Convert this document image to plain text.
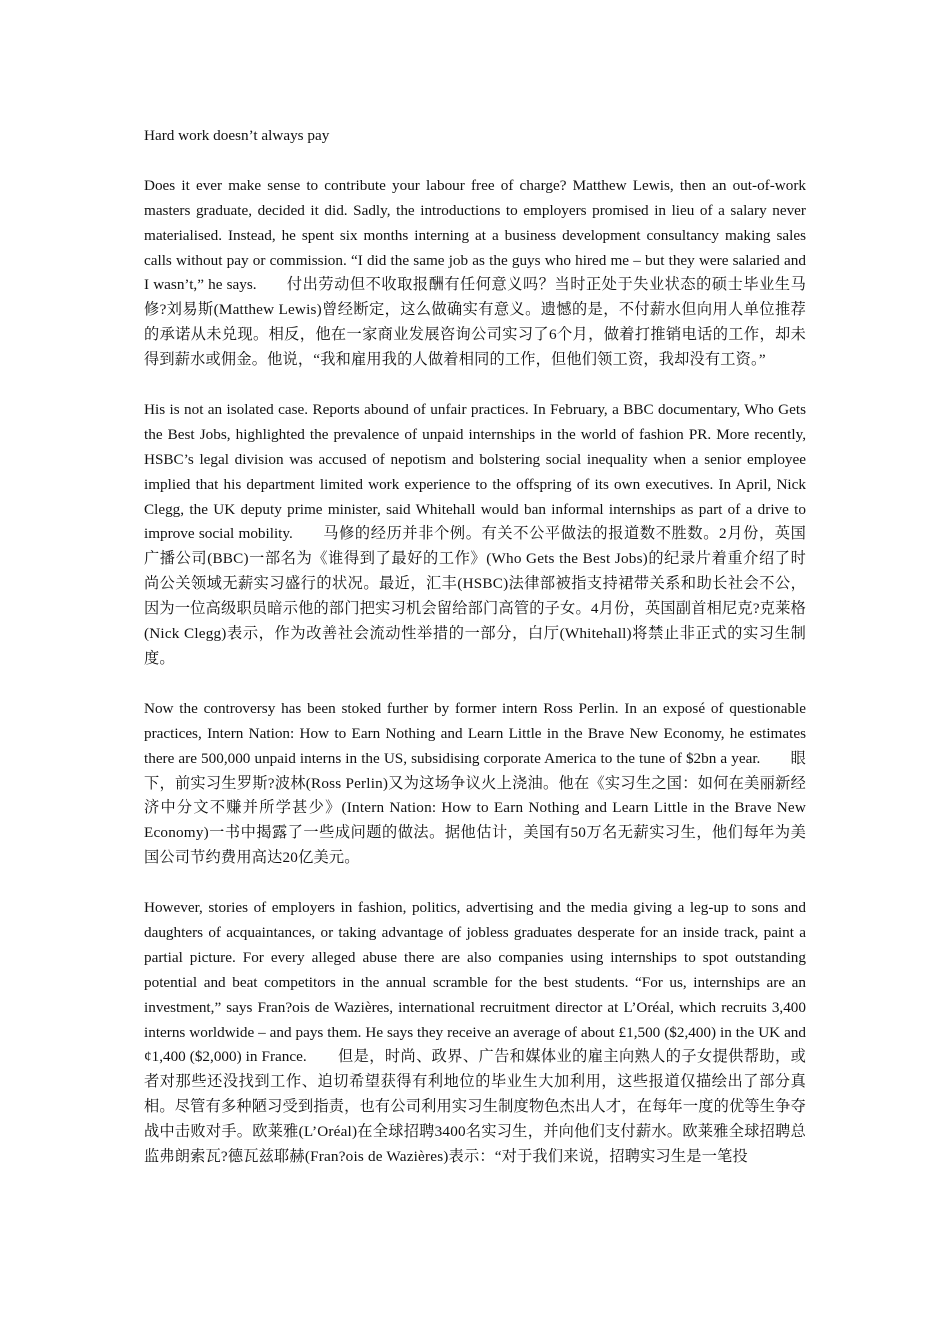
Hard work doesn’t always pay

Does it ever make sense to contribute your labour free of charge? Matthew Lewis, then an out-of-work masters graduate, decided it did. Sadly, the introductions to employers promised in lieu of a salary never materialised. Instead, he spent six months interning at a business development consultancy making sales calls without pay or commission. “I did the same job as the guys who hired me – but they were salaried and I wasn’t,” he says. 付出劳动但不收取报酬有任何意义吗？当时正处于失业状态的硕士毕业生马修?刘易斯(Matthew Lewis)曾经断定，这么做确实有意义。遗憾的是，不付薪水但向用人单位推荐的承诺从未兑现。相反，他在一家商业发展咨询公司实习了6个月，做着打推销电话的工作，却未得到薪水或佣金。他说，“我和雇用我的人做着相同的工作，但他们领工资，我却没有工资。”

His is not an isolated case. Reports abound of unfair practices. In February, a BBC documentary, Who Gets the Best Jobs, highlighted the prevalence of unpaid internships in the world of fashion PR. More recently, HSBC’s legal division was accused of nepotism and bolstering social inequality when a senior employee implied that his department limited work experience to the offspring of its own executives. In April, Nick Clegg, the UK deputy prime minister, said Whitehall would ban informal internships as part of a drive to improve social mobility. 马修的经历并非个例。有关不公平做法的报道数不胜数。2月份，英国广播公司(BBC)一部名为《谁得到了最好的工作》(Who Gets the Best Jobs)的纪录片着重介绍了时尚公关领域无薪实习盛行的状况。最近，汇丰(HSBC)法律部被指支持裙带关系和助长社会不公，因为一位高级职员暗示他的部门把实习机会留给部门高管的子女。4月份，英国副首相尼克?克莱格(Nick Clegg)表示，作为改善社会流动性举措的一部分，白厅(Whitehall)将禁止非正式的实习生制度。

Now the controversy has been stoked further by former intern Ross Perlin. In an exposé of questionable practices, Intern Nation: How to Earn Nothing and Learn Little in the Brave New Economy, he estimates there are 500,000 unpaid interns in the US, subsidising corporate America to the tune of $2bn a year. 眼下，前实习生罗斯?波林(Ross Perlin)又为这场争议火上浇油。他在《实习生之国：如何在美丽新经济中分文不赚并所学甚少》(Intern Nation: How to Earn Nothing and Learn Little in the Brave New Economy)一书中揭露了一些成问题的做法。据他估计，美国有50万名无薪实习生，他们每年为美国公司节约费用高达20亿美元。

However, stories of employers in fashion, politics, advertising and the media giving a leg-up to sons and daughters of acquaintances, or taking advantage of jobless graduates desperate for an inside track, paint a partial picture. For every alleged abuse there are also companies using internships to spot outstanding potential and beat competitors in the annual scramble for the best students. “For us, internships are an investment,” says Fran?ois de Wazières, international recruitment director at L’Oréal, which recruits 3,400 interns worldwide – and pays them. He says they receive an average of about £1,500 ($2,400) in the UK and ¢1,400 ($2,000) in France.　　但是，时尚、政界、广告和媒体业的雇主向熟人的子女提供帮助，或者对那些还没找到工作、迫切希望获得有利地位的毕业生大加利用，这些报道仅描绘出了部分真相。尽管有多种陋习受到指责，也有公司利用实习生制度物色杰出人才，在每年一度的优等生争夺战中击败对手。欧莱雅(L’Oréal)在全球招聘3400名实习生，并向他们支付薪水。欧莱雅全球招聘总监弗朗索瓦?德瓦兹耶赫(Fran?ois de Wazières)表示：“对于我们来说，招聘实习生是一笔投
